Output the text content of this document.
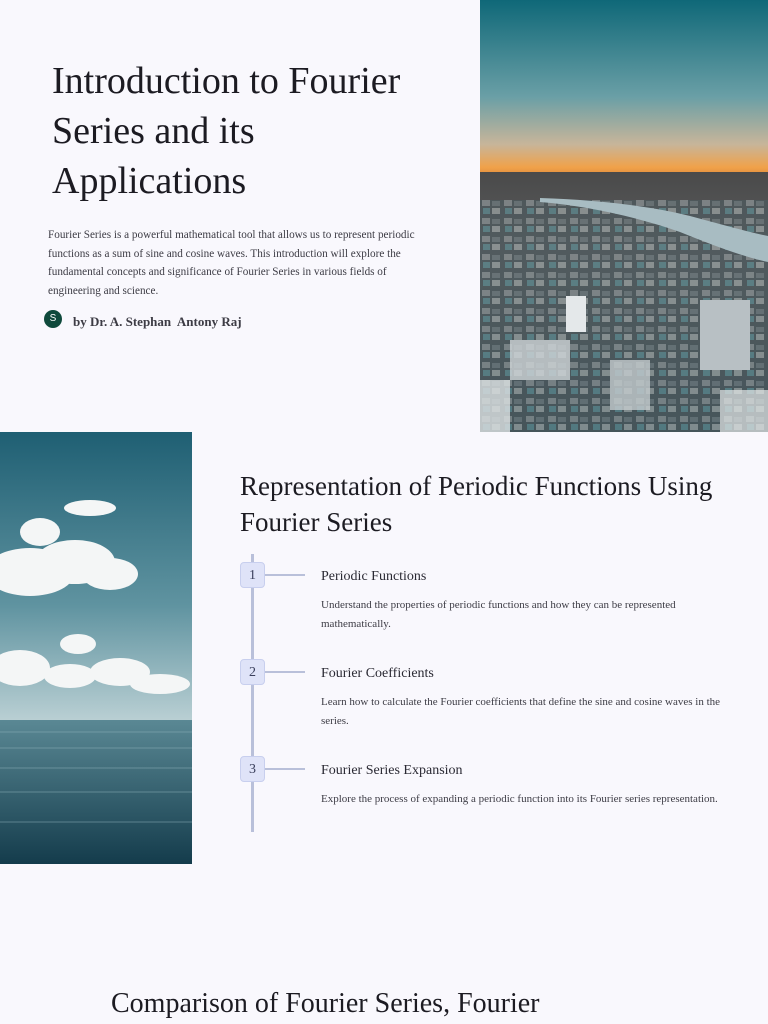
Introduction to Fourier Series and its Applications

Fourier Series is a powerful mathematical tool that allows us to represent periodic functions as a sum of sine and cosine waves. This introduction will explore the fundamental concepts and significance of Fourier Series in various fields of engineering and science.

S	by Dr. A. Stephan  Antony Raj
Representation of Periodic Functions Using Fourier Series
1	Periodic Functions
Understand the properties of periodic functions and how they can be represented mathematically.
2	Fourier Coefficients
Learn how to calculate the Fourier coefficients that define the sine and cosine waves in the series.
3	Fourier Series Expansion
Explore the process of expanding a periodic function into its Fourier series representation.
Comparison of Fourier Series, Fourier
